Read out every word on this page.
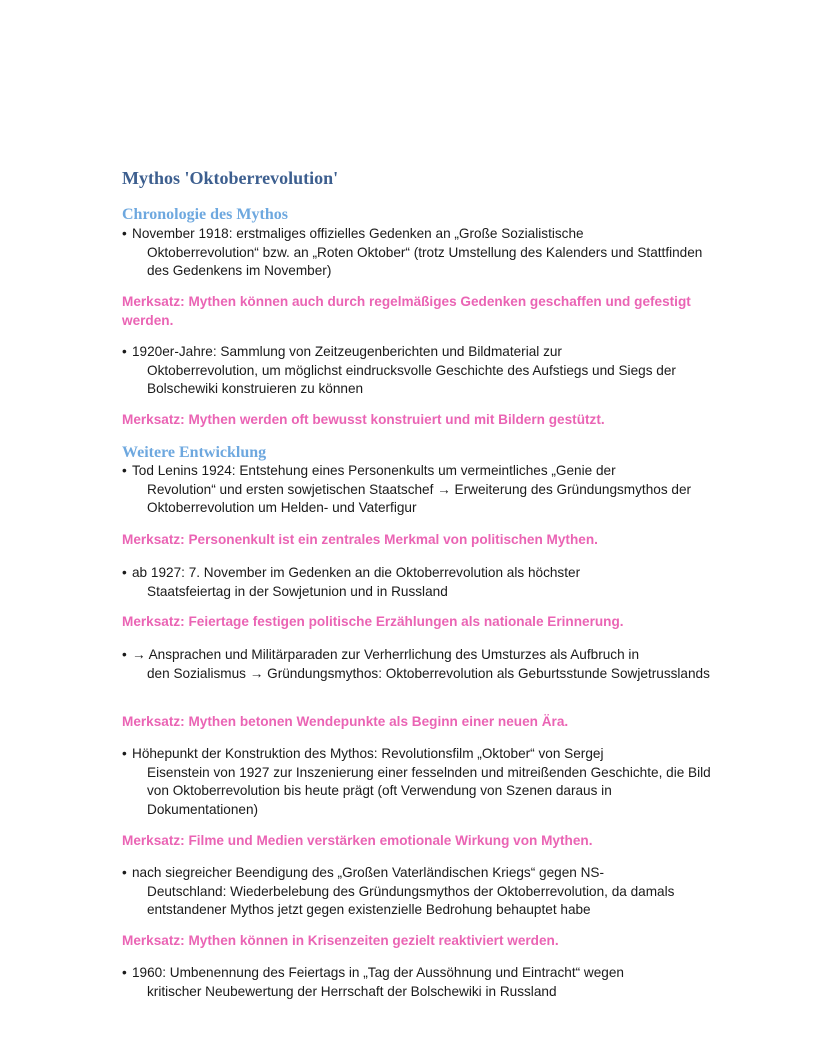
Mythos 'Oktoberrevolution'
Chronologie des Mythos
• November 1918: erstmaliges offizielles Gedenken an „Große Sozialistische
Oktoberrevolution“ bzw. an „Roten Oktober“ (trotz Umstellung des Kalenders und Stattfinden des Gedenkens im November)

Merksatz: Mythen können auch durch regelmäßiges Gedenken geschaffen und gefestigt werden.

• 1920er-Jahre: Sammlung von Zeitzeugenberichten und Bildmaterial zur
Oktoberrevolution, um möglichst eindrucksvolle Geschichte des Aufstiegs und Siegs der Bolschewiki konstruieren zu können

Merksatz: Mythen werden oft bewusst konstruiert und mit Bildern gestützt.

Weitere Entwicklung
• Tod Lenins 1924: Entstehung eines Personenkults um vermeintliches „Genie der
Revolution“ und ersten sowjetischen Staatschef → Erweiterung des Gründungsmythos der Oktoberrevolution um Helden- und Vaterfigur

Merksatz: Personenkult ist ein zentrales Merkmal von politischen Mythen.

• ab 1927: 7. November im Gedenken an die Oktoberrevolution als höchster
Staatsfeiertag in der Sowjetunion und in Russland

Merksatz: Feiertage festigen politische Erzählungen als nationale Erinnerung.

• → Ansprachen und Militärparaden zur Verherrlichung des Umsturzes als Aufbruch in
den Sozialismus → Gründungsmythos: Oktoberrevolution als Geburtsstunde Sowjetrusslands

Merksatz: Mythen betonen Wendepunkte als Beginn einer neuen Ära.

• Höhepunkt der Konstruktion des Mythos: Revolutionsfilm „Oktober“ von Sergej
Eisenstein von 1927 zur Inszenierung einer fesselnden und mitreißenden Geschichte, die Bild von Oktoberrevolution bis heute prägt (oft Verwendung von Szenen daraus in Dokumentationen)

Merksatz: Filme und Medien verstärken emotionale Wirkung von Mythen.

• nach siegreicher Beendigung des „Großen Vaterländischen Kriegs“ gegen NS-
Deutschland: Wiederbelebung des Gründungsmythos der Oktoberrevolution, da damals entstandener Mythos jetzt gegen existenzielle Bedrohung behauptet habe

Merksatz: Mythen können in Krisenzeiten gezielt reaktiviert werden.

• 1960: Umbenennung des Feiertags in „Tag der Aussöhnung und Eintracht“ wegen
kritischer Neubewertung der Herrschaft der Bolschewiki in Russland
